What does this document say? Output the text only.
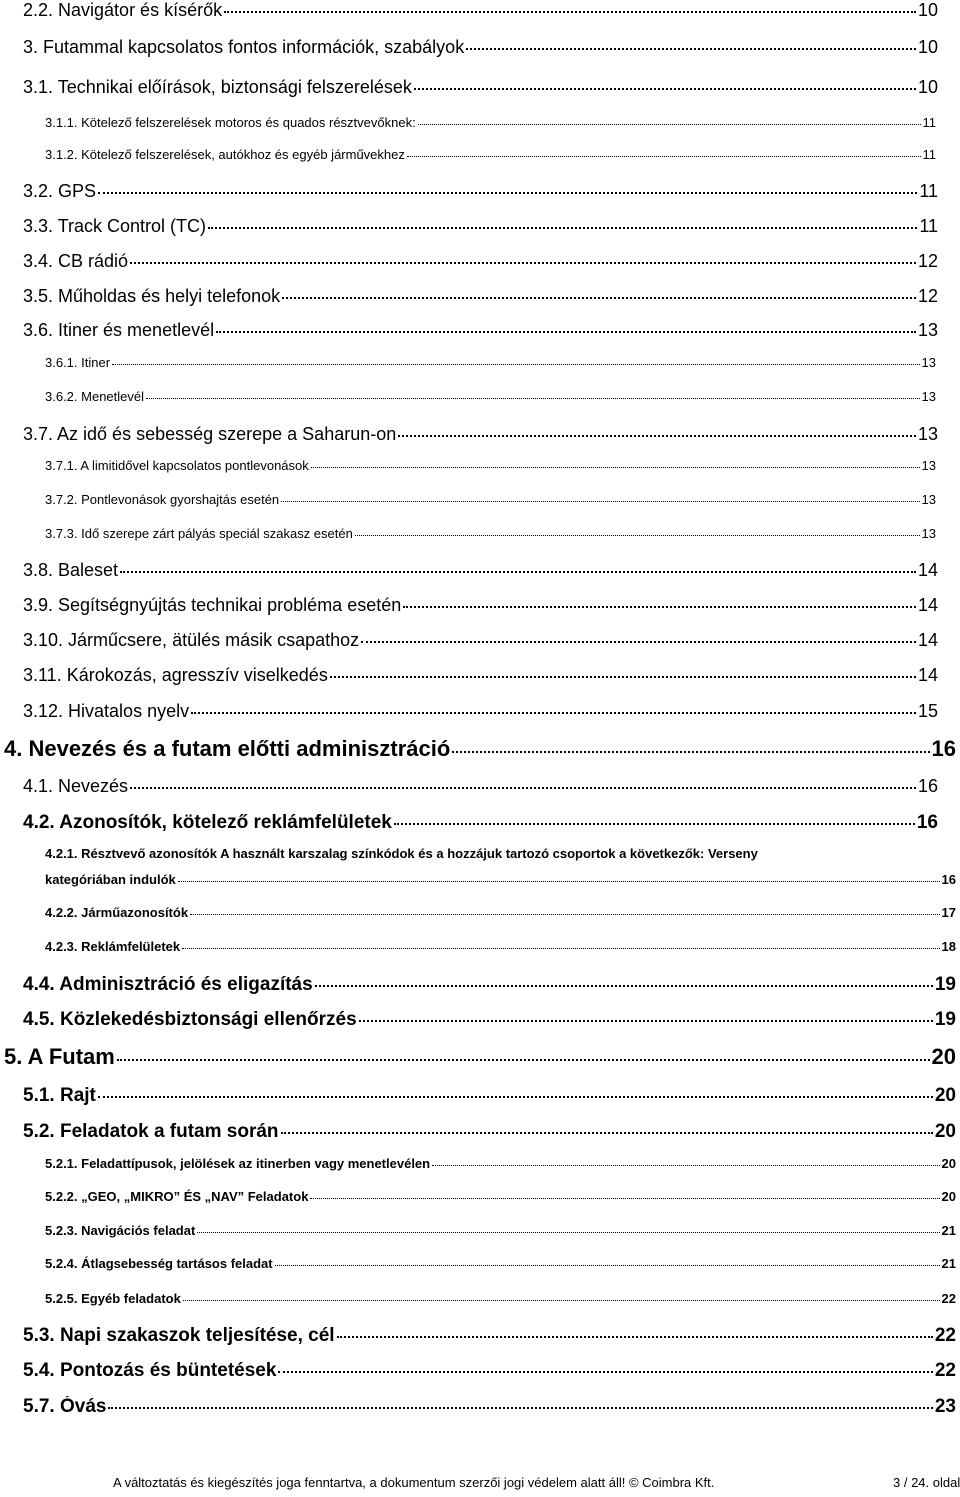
2.2. Navigátor és kísérők	10
3. Futammal kapcsolatos fontos információk, szabályok	10
3.1. Technikai előírások, biztonsági felszerelések	10
3.1.1. Kötelező felszerelések motoros és quados résztvevőknek:	11
3.1.2. Kötelező felszerelések, autókhoz és egyéb járművekhez	11
3.2. GPS	11
3.3. Track Control (TC)	11
3.4. CB rádió	12
3.5. Műholdas és helyi telefonok	12
3.6. Itiner és menetlevél	13
3.6.1. Itiner	13
3.6.2. Menetlevél	13
3.7. Az idő és sebesség szerepe a Saharun-on	13
3.7.1. A limitidővel kapcsolatos pontlevonások	13
3.7.2. Pontlevonások gyorshajtás esetén	13
3.7.3. Idő szerepe zárt pályás speciál szakasz esetén	13
3.8. Baleset	14
3.9. Segítségnyújtás technikai probléma esetén	14
3.10. Járműcsere, ätülés másik csapathoz	14
3.11. Károkozás, agresszív viselkedés	14
3.12. Hivatalos nyelv	15
4. Nevezés és a futam előtti adminisztráció	16
4.1. Nevezés	16
4.2. Azonosítók, kötelező reklámfelületek	16
4.2.1. Résztvevő azonosítók A használt karszalag színkódok és a hozzájuk tartozó csoportok a következők: Verseny
kategóriában indulók	16
4.2.2. Járműazonosítók	17
4.2.3. Reklámfelületek	18
4.4. Adminisztráció és eligazítás	19
4.5. Közlekedésbiztonsági ellenőrzés	19
5. A Futam	20
5.1. Rajt	20
5.2. Feladatok a futam során	20
5.2.1. Feladattípusok, jelölések az itinerben vagy menetlevélen	20
5.2.2. „GEO, „MIKRO” ÉS „NAV” Feladatok	20
5.2.3. Navigációs feladat	21
5.2.4. Átlagsebesség tartásos feladat	21
5.2.5. Egyéb feladatok	22
5.3. Napi szakaszok teljesítése, cél	22
5.4. Pontozás és büntetések	22
5.7. Óvás	23
A változtatás és kiegészítés joga fenntartva, a dokumentum szerzői jogi védelem alatt áll! © Coimbra Kft.	3 / 24. oldal
